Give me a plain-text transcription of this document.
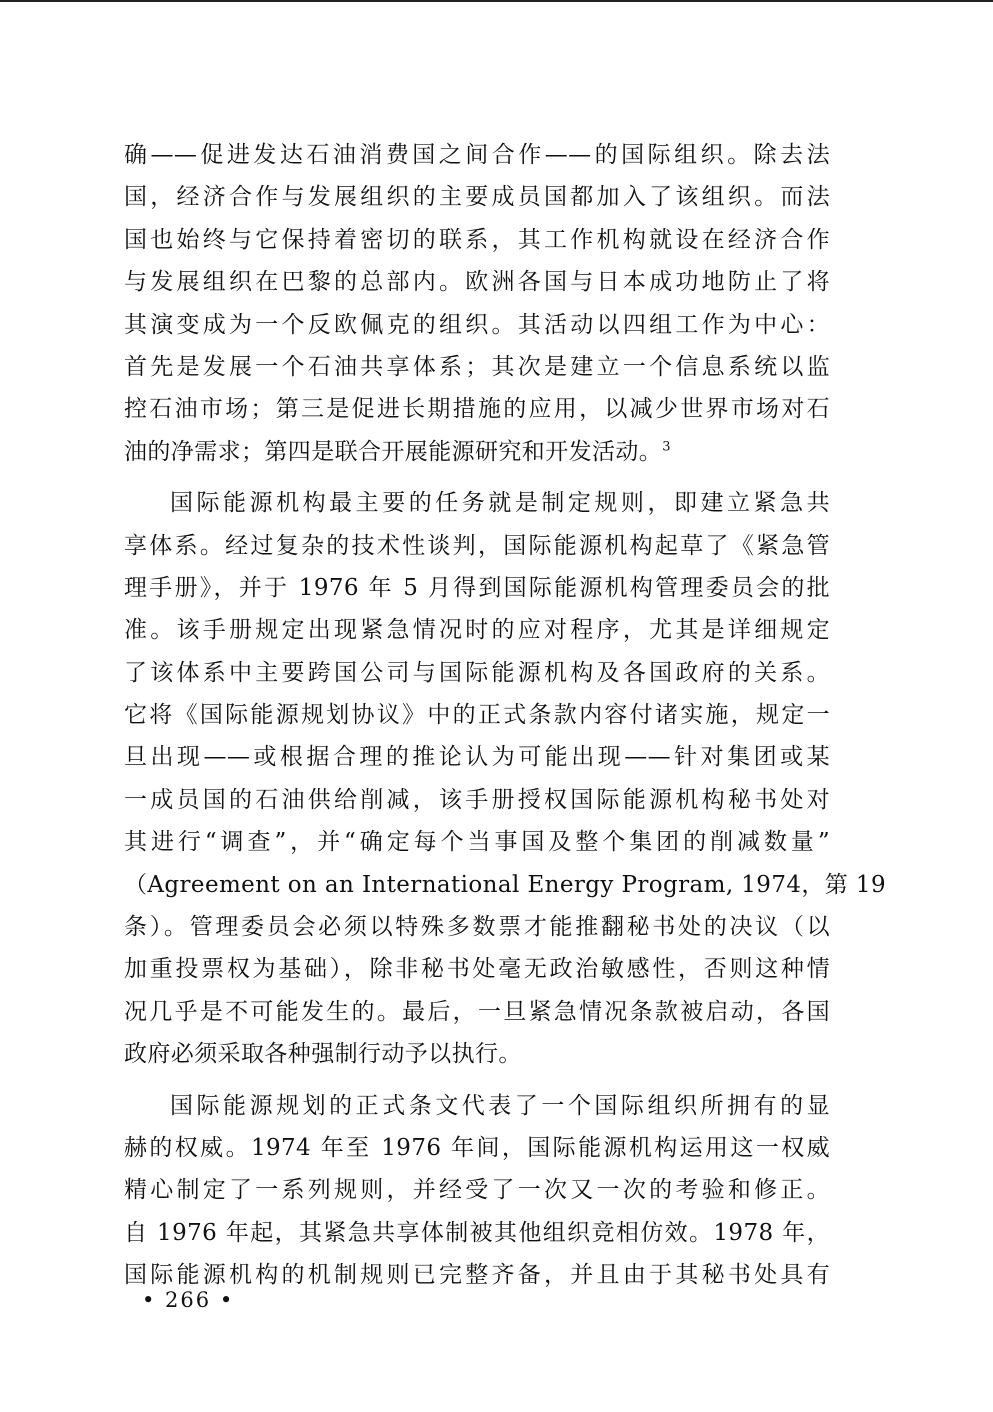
确——促进发达石油消费国之间合作——的国际组织。除去法
国，经济合作与发展组织的主要成员国都加入了该组织。而法
国也始终与它保持着密切的联系，其工作机构就设在经济合作
与发展组织在巴黎的总部内。欧洲各国与日本成功地防止了将
其演变成为一个反欧佩克的组织。其活动以四组工作为中心：
首先是发展一个石油共享体系；其次是建立一个信息系统以监
控石油市场；第三是促进长期措施的应用，以减少世界市场对石
油的净需求；第四是联合开展能源研究和开发活动。$^3$
国际能源机构最主要的任务就是制定规则，即建立紧急共
享体系。经过复杂的技术性谈判，国际能源机构起草了《紧急管
理手册》，并于 1976 年 5 月得到国际能源机构管理委员会的批
准。该手册规定出现紧急情况时的应对程序，尤其是详细规定
了该体系中主要跨国公司与国际能源机构及各国政府的关系。
它将《国际能源规划协议》中的正式条款内容付诸实施，规定一
旦出现——或根据合理的推论认为可能出现——针对集团或某
一成员国的石油供给削减，该手册授权国际能源机构秘书处对
其进行“调查”，并“确定每个当事国及整个集团的削减数量”
（Agreement on an International Energy Program, 1974，第 19
条）。管理委员会必须以特殊多数票才能推翻秘书处的决议（以
加重投票权为基础），除非秘书处毫无政治敏感性，否则这种情
况几乎是不可能发生的。最后，一旦紧急情况条款被启动，各国
政府必须采取各种强制行动予以执行。
国际能源规划的正式条文代表了一个国际组织所拥有的显
赫的权威。1974 年至 1976 年间，国际能源机构运用这一权威
精心制定了一系列规则，并经受了一次又一次的考验和修正。
自 1976 年起，其紧急共享体制被其他组织竞相仿效。1978 年，
国际能源机构的机制规则已完整齐备，并且由于其秘书处具有
• 266 •
